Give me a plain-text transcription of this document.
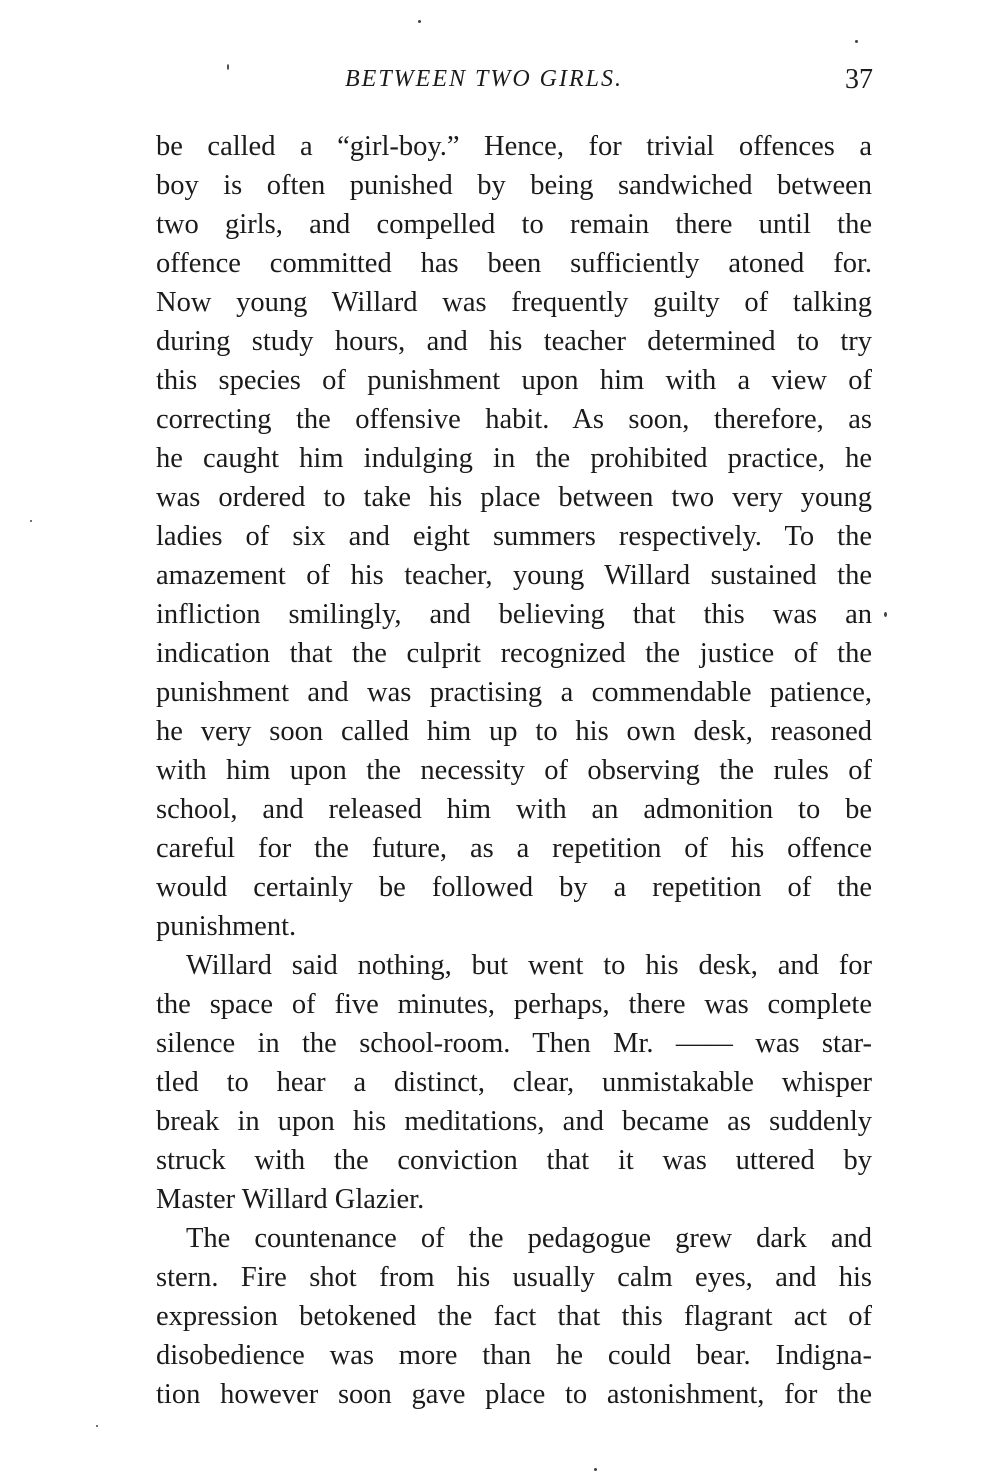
BETWEEN TWO GIRLS.	37
be called a “girl-boy.” Hence, for trivial offences a
boy is often punished by being sandwiched between
two girls, and compelled to remain there until the
offence committed has been sufficiently atoned for.
Now young Willard was frequently guilty of talking
during study hours, and his teacher determined to try
this species of punishment upon him with a view of
correcting the offensive habit. As soon, therefore, as
he caught him indulging in the prohibited practice, he
was ordered to take his place between two very young
ladies of six and eight summers respectively. To the
amazement of his teacher, young Willard sustained the
infliction smilingly, and believing that this was an
indication that the culprit recognized the justice of the
punishment and was practising a commendable patience,
he very soon called him up to his own desk, reasoned
with him upon the necessity of observing the rules of
school, and released him with an admonition to be
careful for the future, as a repetition of his offence
would certainly be followed by a repetition of the
punishment.
Willard said nothing, but went to his desk, and for
the space of five minutes, perhaps, there was complete
silence in the school-room. Then Mr. —— was star-
tled to hear a distinct, clear, unmistakable whisper
break in upon his meditations, and became as suddenly
struck with the conviction that it was uttered by
Master Willard Glazier.
The countenance of the pedagogue grew dark and
stern. Fire shot from his usually calm eyes, and his
expression betokened the fact that this flagrant act of
disobedience was more than he could bear. Indigna-
tion however soon gave place to astonishment, for the
